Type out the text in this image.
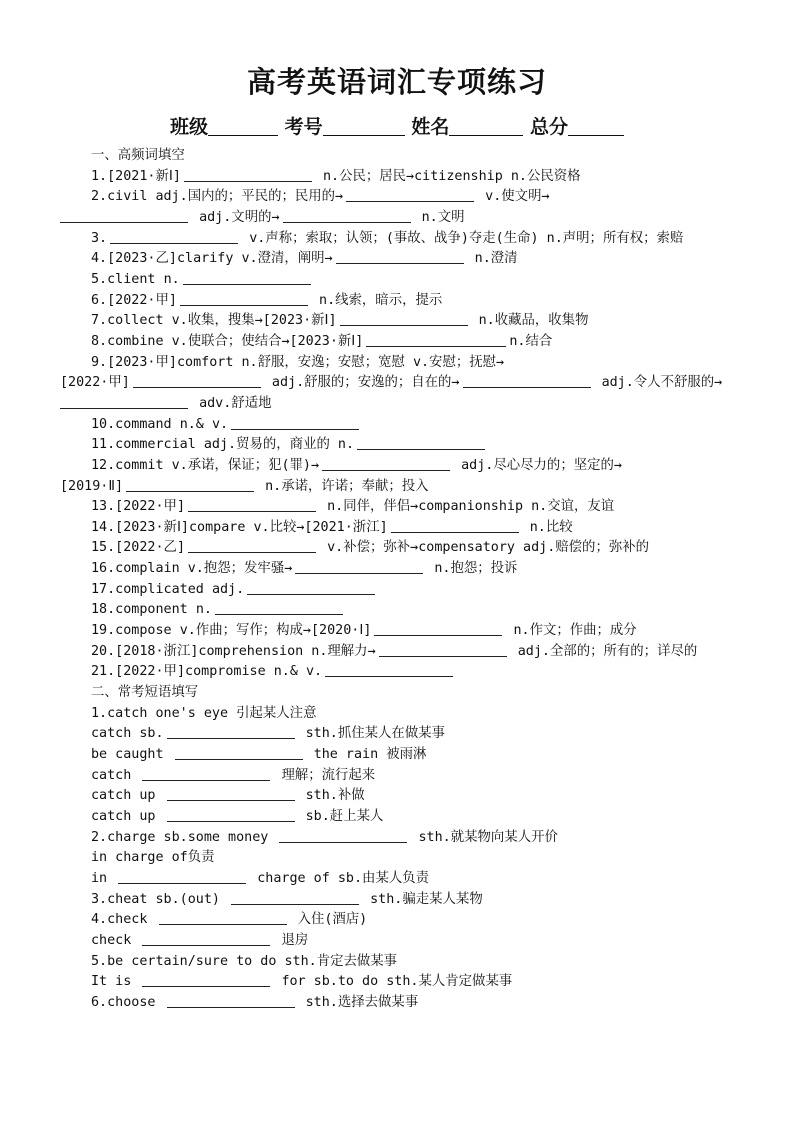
高考英语词汇专项练习
班级	考号	姓名	总分
一、高频词填空
1.[2021·新Ⅰ]	n.公民；居民→citizenship n.公民资格
2.civil adj.国内的；平民的；民用的→	v.使文明→
adj.文明的→	n.文明
3.	v.声称；索取；认领；(事故、战争)夺走(生命) n.声明；所有权；索赔
4.[2023·乙]clarify v.澄清，阐明→	n.澄清
5.client n.
6.[2022·甲]	n.线索，暗示，提示
7.collect v.收集，搜集→[2023·新Ⅰ]	n.收藏品，收集物
8.combine v.使联合；使结合→[2023·新Ⅰ]	n.结合
9.[2023·甲]comfort n.舒服，安逸；安慰；宽慰 v.安慰；抚慰→
[2022·甲]	adj.舒服的；安逸的；自在的→	adj.令人不舒服的→
adv.舒适地
10.command n.& v.
11.commercial adj.贸易的，商业的 n.
12.commit v.承诺，保证；犯(罪)→	adj.尽心尽力的；坚定的→
[2019·Ⅱ]	n.承诺，许诺；奉献；投入
13.[2022·甲]	n.同伴，伴侣→companionship n.交谊，友谊
14.[2023·新Ⅰ]compare v.比较→[2021·浙江]	n.比较
15.[2022·乙]	v.补偿；弥补→compensatory adj.赔偿的；弥补的
16.complain v.抱怨；发牢骚→	n.抱怨；投诉
17.complicated adj.
18.component n.
19.compose v.作曲；写作；构成→[2020·Ⅰ]	n.作文；作曲；成分
20.[2018·浙江]comprehension n.理解力→	adj.全部的；所有的；详尽的
21.[2022·甲]compromise n.& v.
二、常考短语填写
1.catch one's eye 引起某人注意
catch sb.	sth.抓住某人在做某事
be caught	the rain 被雨淋
catch	理解；流行起来
catch up	sth.补做
catch up	sb.赶上某人
2.charge sb.some money	sth.就某物向某人开价
in charge of负责
in	charge of sb.由某人负责
3.cheat sb.(out)	sth.骗走某人某物
4.check	入住(酒店)
check	退房
5.be certain/sure to do sth.肯定去做某事
It is	for sb.to do sth.某人肯定做某事
6.choose	sth.选择去做某事
